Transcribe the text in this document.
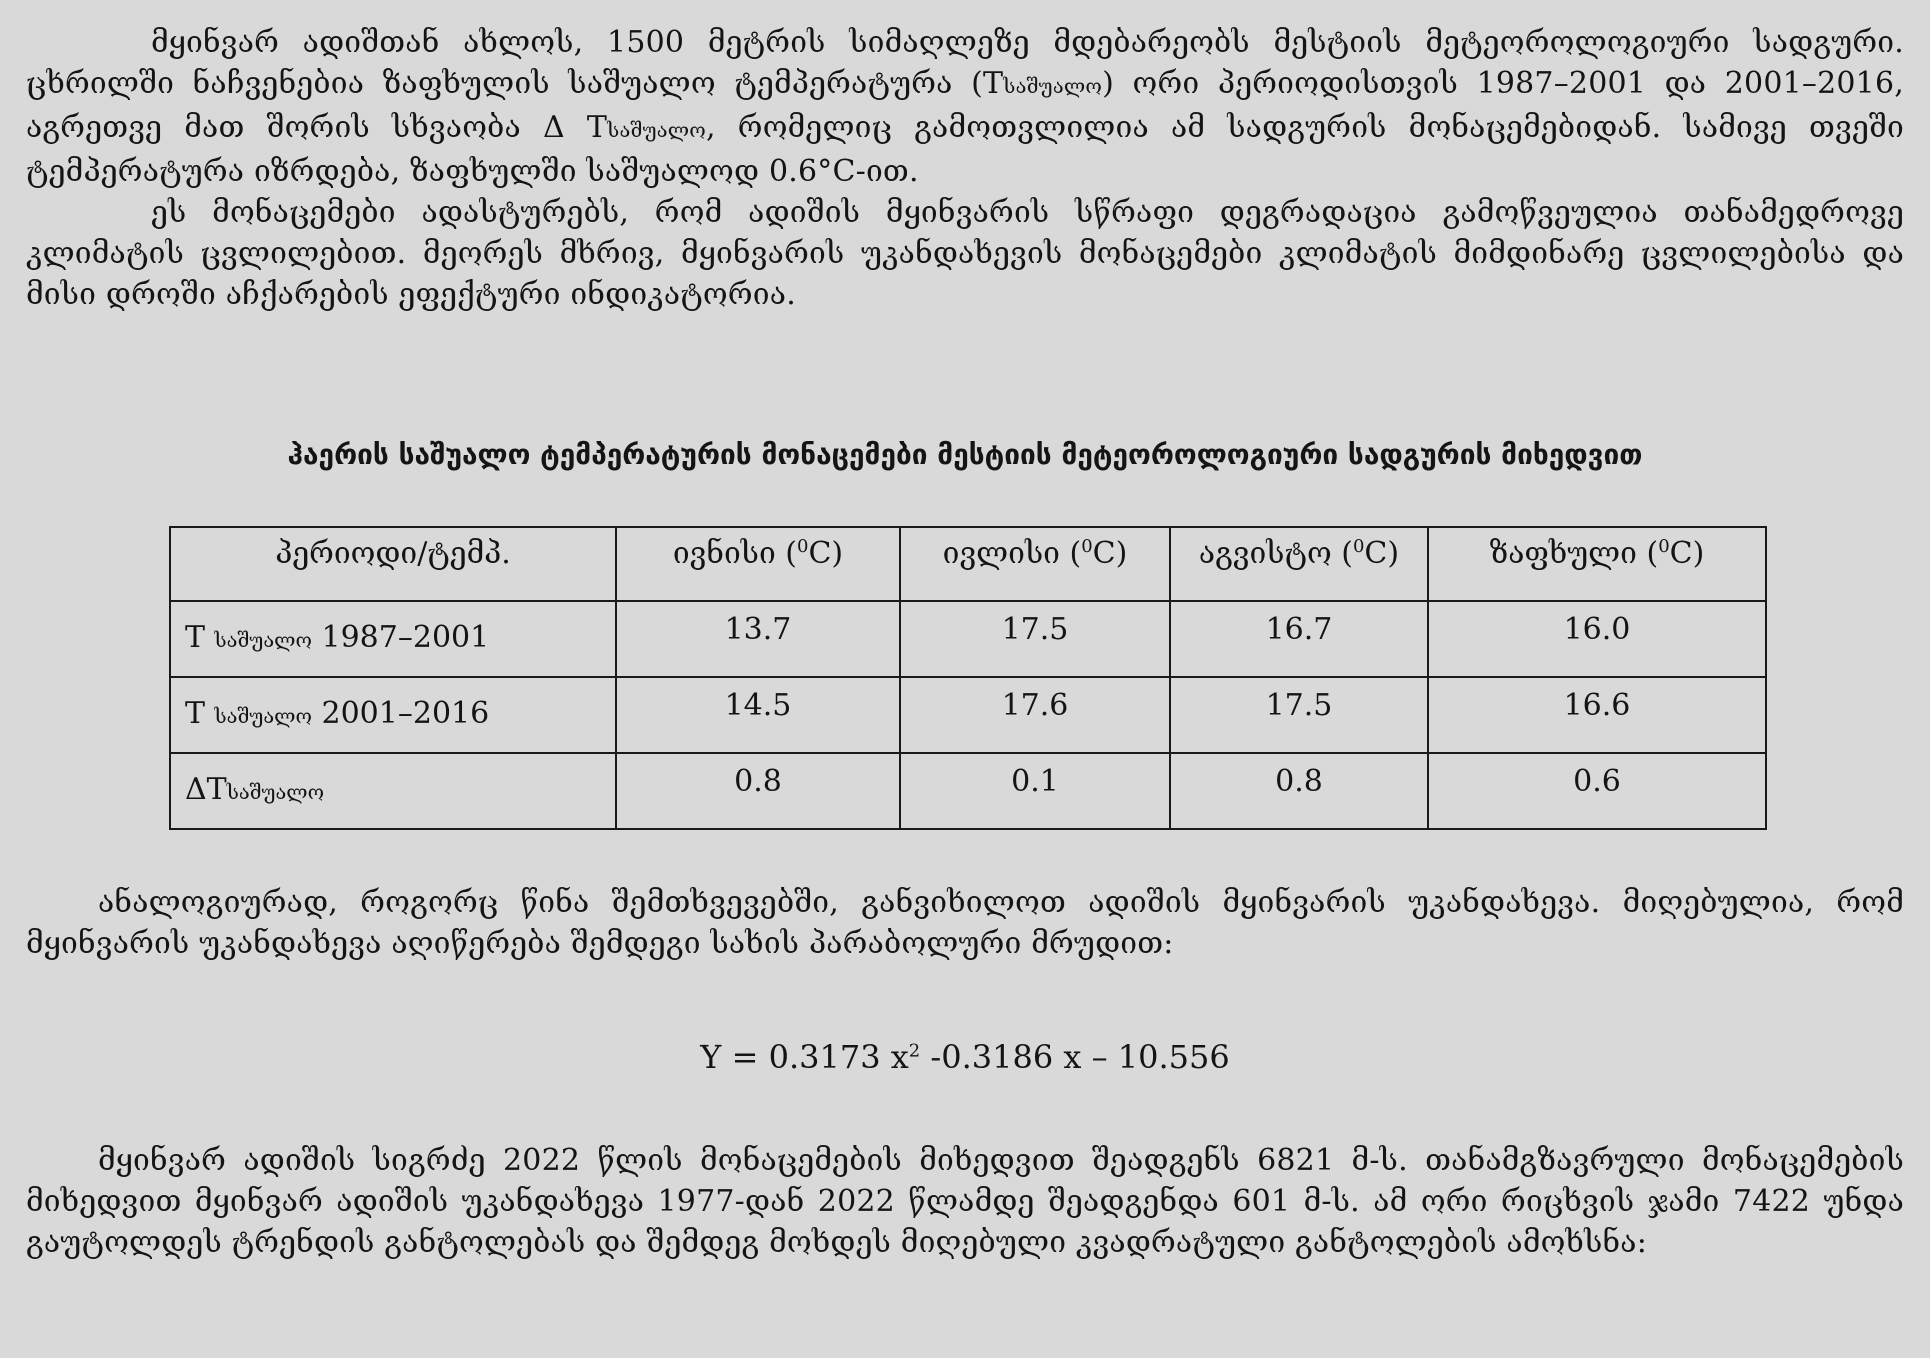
მყინვარ ადიშთან ახლოს, 1500 მეტრის სიმაღლეზე მდებარეობს მესტიის მეტეოროლოგიური სადგური. ცხრილში ნაჩვენებია ზაფხულის საშუალო ტემპერატურა (Tსაშუალო) ორი პერიოდისთვის 1987–2001 და 2001–2016, აგრეთვე მათ შორის სხვაობა Δ Tსაშუალო, რომელიც გამოთვლილია ამ სადგურის მონაცემებიდან. სამივე თვეში ტემპერატურა იზრდება, ზაფხულში საშუალოდ 0.6°C-ით.

ეს მონაცემები ადასტურებს, რომ ადიშის მყინვარის სწრაფი დეგრადაცია გამოწვეულია თანამედროვე კლიმატის ცვლილებით. მეორეს მხრივ, მყინვარის უკანდახევის მონაცემები კლიმატის მიმდინარე ცვლილებისა და მისი დროში აჩქარების ეფექტური ინდიკატორია.

ჰაერის საშუალო ტემპერატურის მონაცემები მესტიის მეტეოროლოგიური სადგურის მიხედვით

პერიოდი/ტემპ.	ივნისი ($^0$C)	ივლისი ($^0$C)	აგვისტო ($^0$C)	ზაფხული ($^0$C)
T საშუალო 1987–2001	13.7	17.5	16.7	16.0
T საშუალო 2001–2016	14.5	17.6	17.5	16.6
ΔTსაშუალო	0.8	0.1	0.8	0.6

ანალოგიურად, როგორც წინა შემთხვევებში, განვიხილოთ ადიშის მყინვარის უკანდახევა. მიღებულია, რომ მყინვარის უკანდახევა აღიწერება შემდეგი სახის პარაბოლური მრუდით:

Y = 0.3173 $x^2$ -0.3186 x – 10.556

მყინვარ ადიშის სიგრძე 2022 წლის მონაცემების მიხედვით შეადგენს 6821 მ-ს. თანამგზავრული მონაცემების მიხედვით მყინვარ ადიშის უკანდახევა 1977-დან 2022 წლამდე შეადგენდა 601 მ-ს. ამ ორი რიცხვის ჯამი 7422 უნდა გაუტოლდეს ტრენდის განტოლებას და შემდეგ მოხდეს მიღებული კვადრატული განტოლების ამოხსნა:
